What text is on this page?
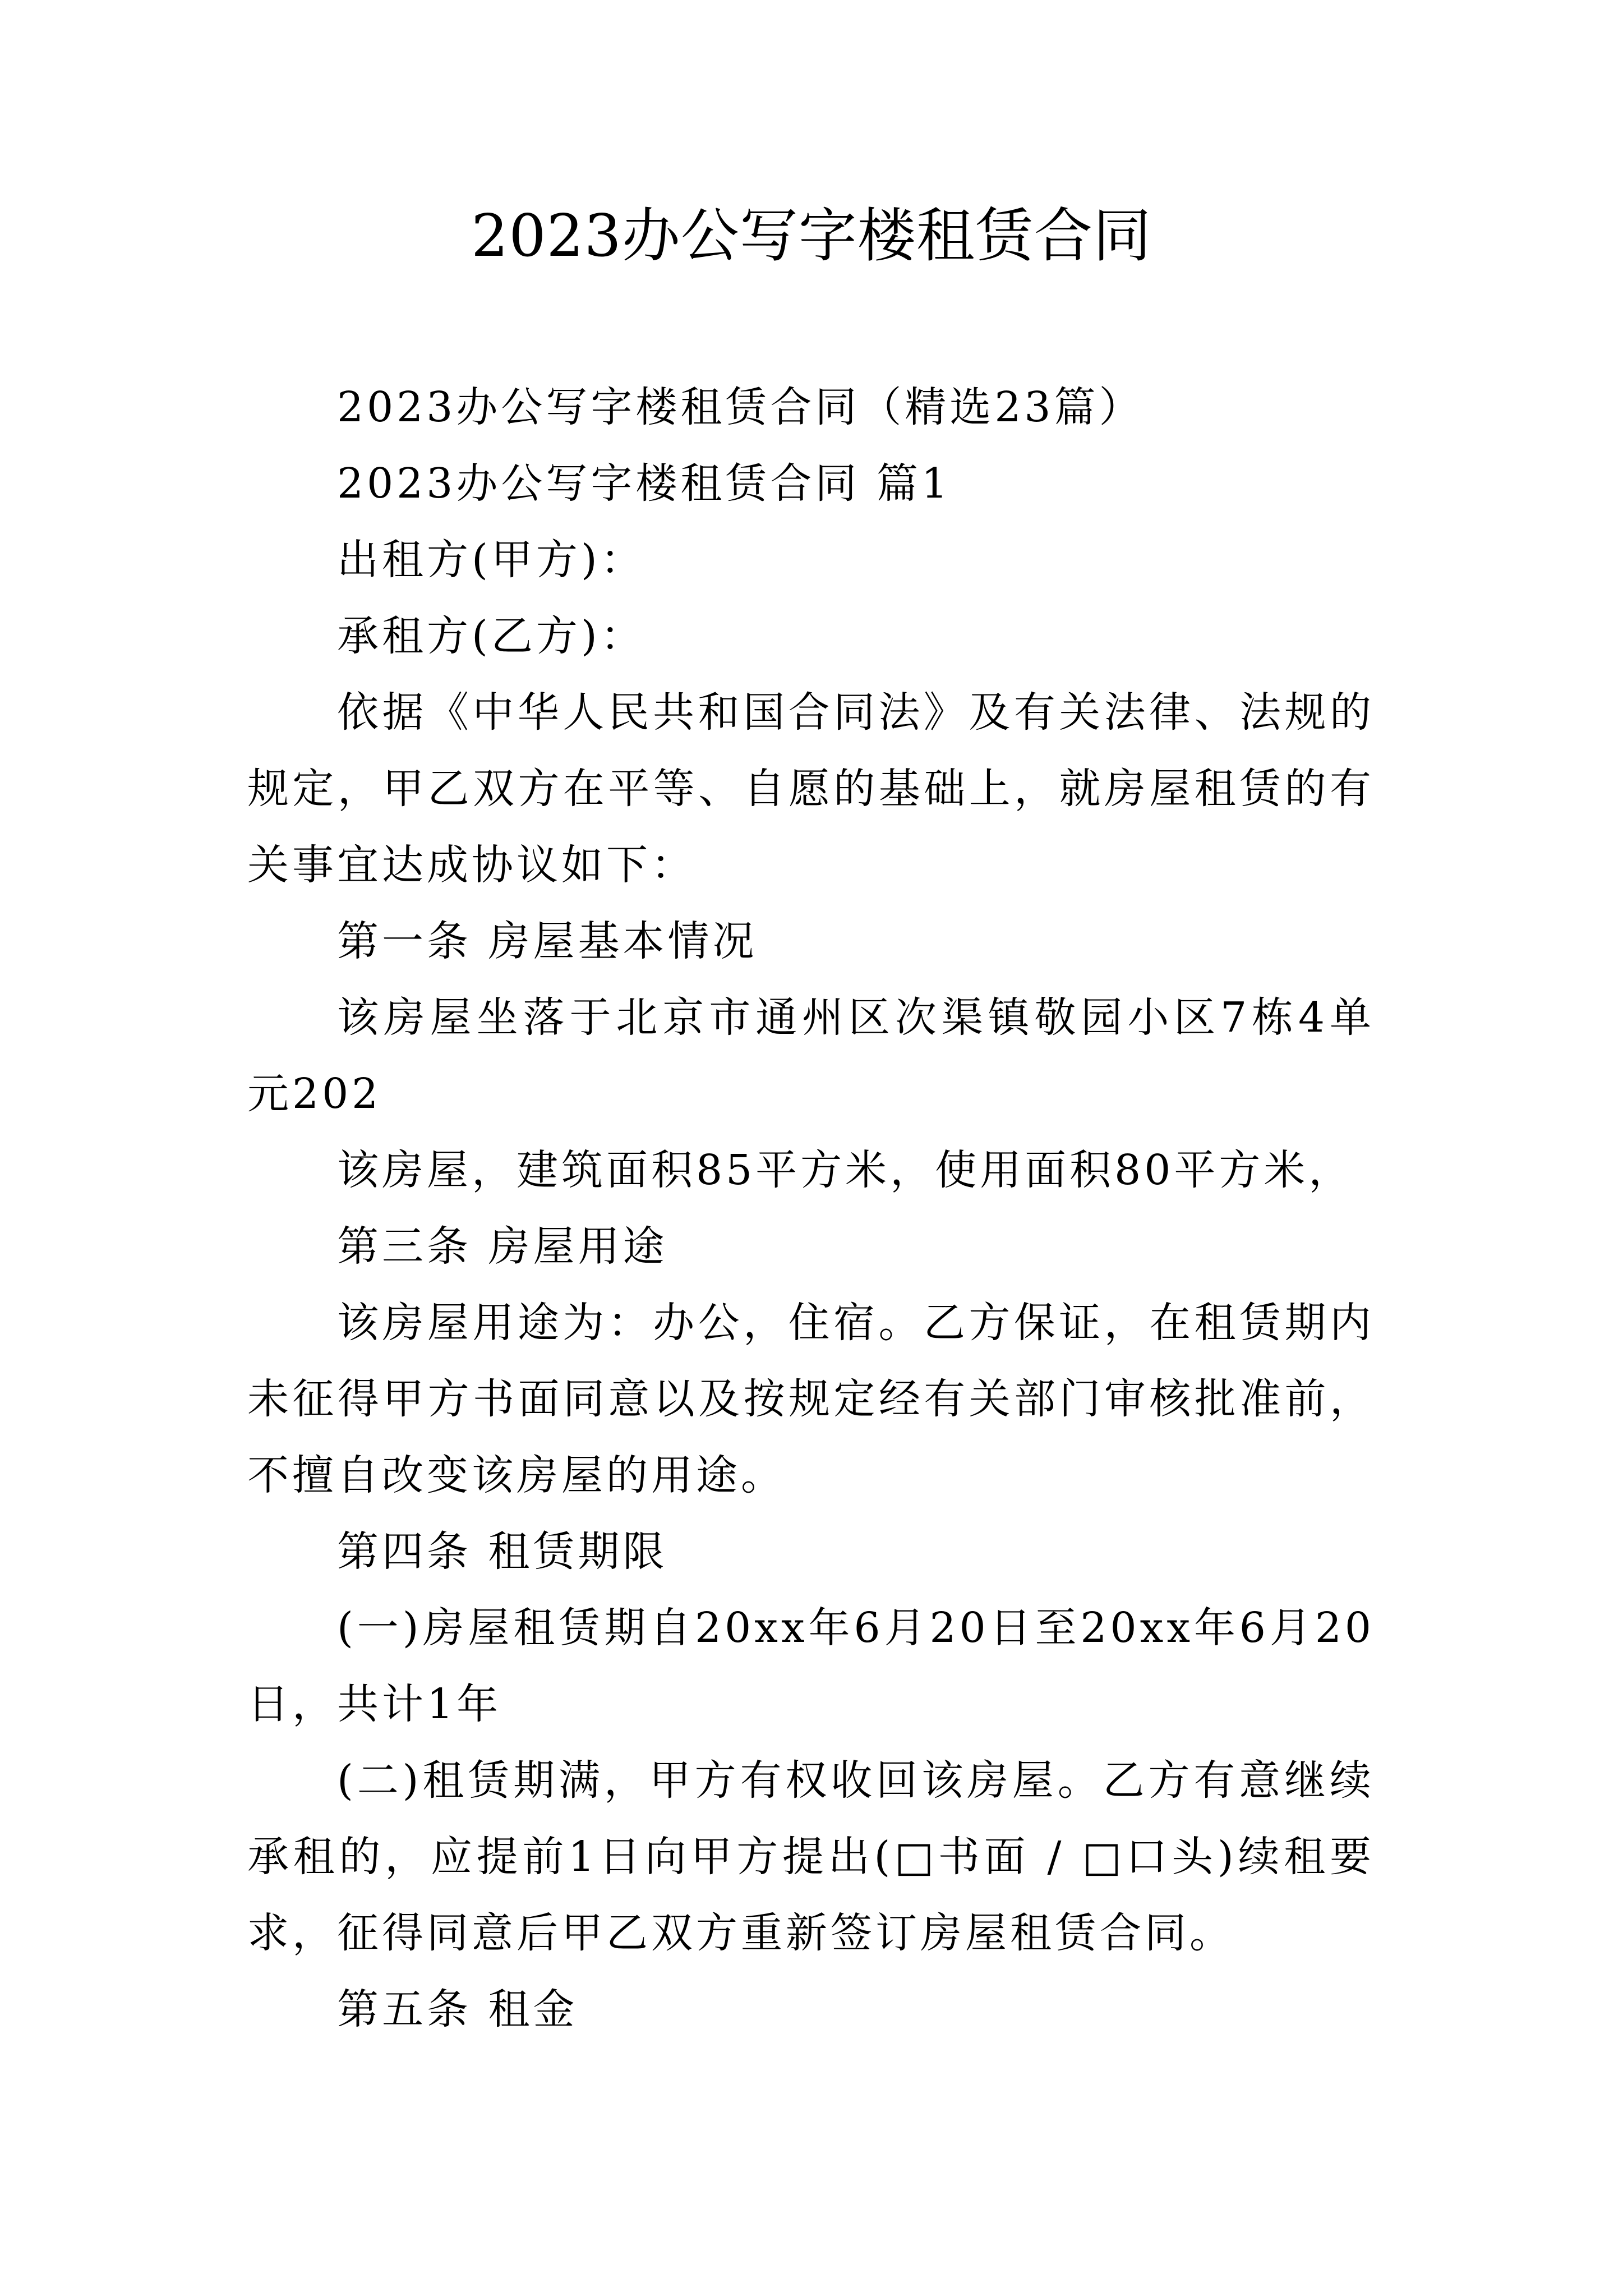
2023办公写字楼租赁合同

2023办公写字楼租赁合同（精选23篇）

2023办公写字楼租赁合同 篇1

出租方(甲方)：

承租方(乙方)：

依据《中华人民共和国合同法》及有关法律、法规的规定，甲乙双方在平等、自愿的基础上，就房屋租赁的有关事宜达成协议如下：

第一条 房屋基本情况

该房屋坐落于北京市通州区次渠镇敬园小区7栋4单元202

该房屋，建筑面积85平方米，使用面积80平方米，

第三条 房屋用途

该房屋用途为：办公，住宿。乙方保证，在租赁期内未征得甲方书面同意以及按规定经有关部门审核批准前，不擅自改变该房屋的用途。

第四条 租赁期限

(一)房屋租赁期自20xx年6月20日至20xx年6月20日，共计1年

(二)租赁期满，甲方有权收回该房屋。乙方有意继续承租的，应提前1日向甲方提出(□书面 / □口头)续租要求，征得同意后甲乙双方重新签订房屋租赁合同。

第五条 租金
